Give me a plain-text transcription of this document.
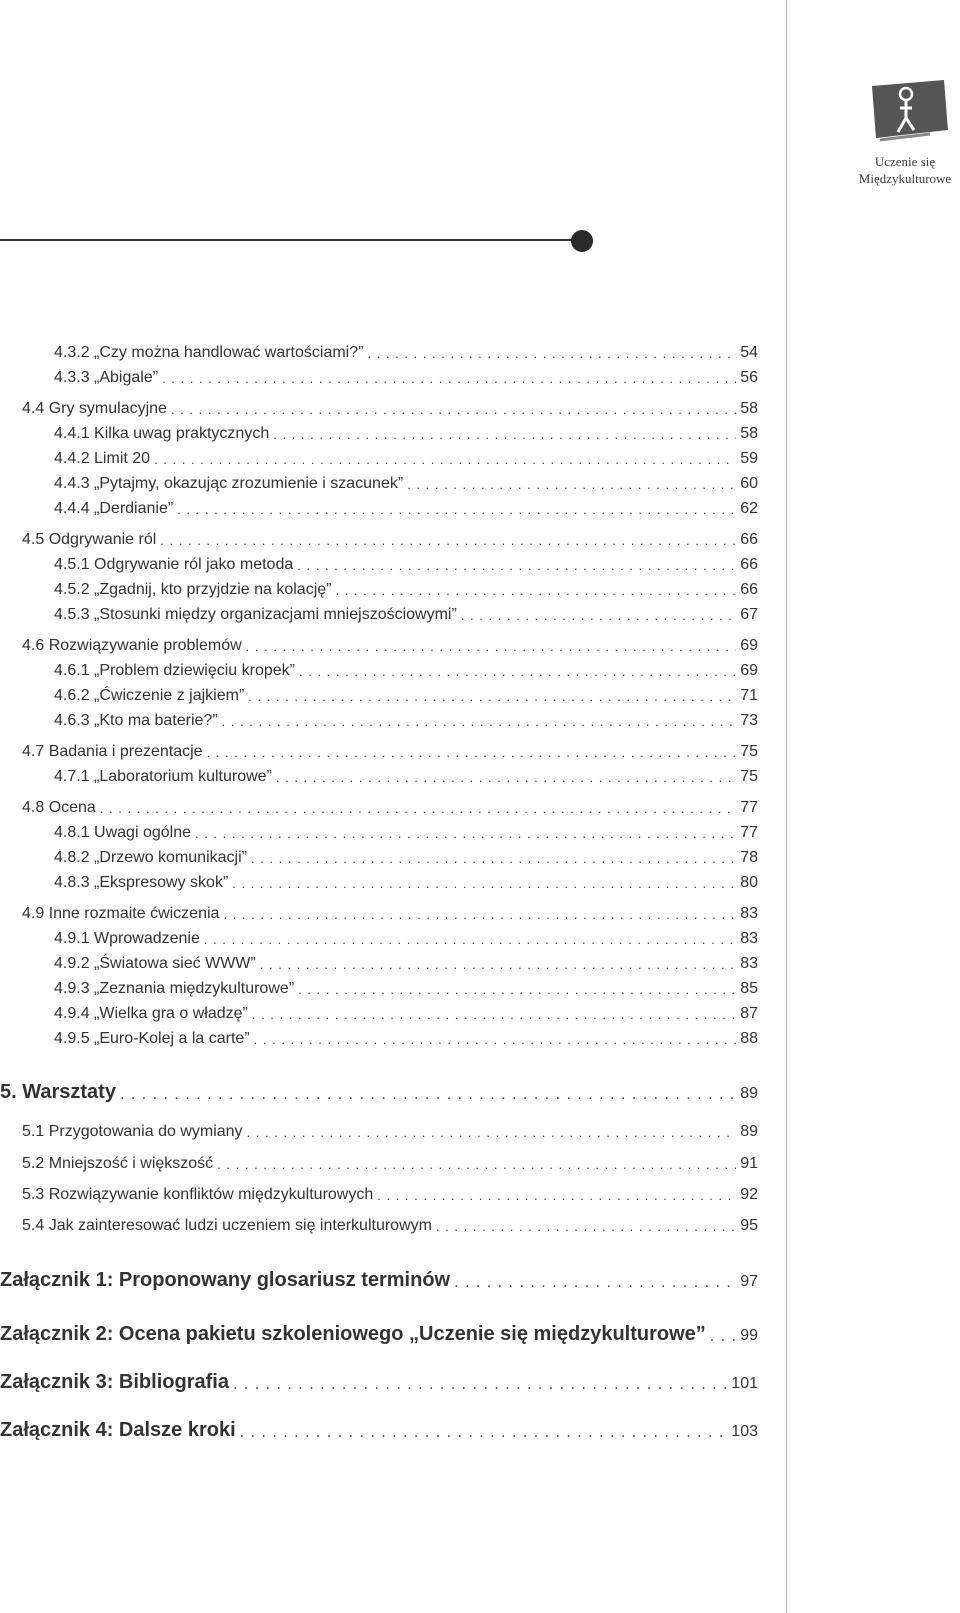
Uczenie się
Międzykulturowe
4.3.2 „Czy można handlować wartościami?” . . .	54
4.3.3 „Abigale” . . .	56
4.4 Gry symulacyjne . . .	58
4.4.1 Kilka uwag praktycznych . . .	58
4.4.2 Limit 20 . . .	59
4.4.3 „Pytajmy, okazując zrozumienie i szacunek” . . .	60
4.4.4 „Derdianie” . . .	62
4.5 Odgrywanie ról . . .	66
4.5.1 Odgrywanie ról jako metoda . . .	66
4.5.2 „Zgadnij, kto przyjdzie na kolację” . . .	66
4.5.3 „Stosunki między organizacjami mniejszościowymi” . . .	67
4.6 Rozwiązywanie problemów . . .	69
4.6.1 „Problem dziewięciu kropek” . . .	69
4.6.2 „Ćwiczenie z jajkiem” . . .	71
4.6.3 „Kto ma baterie?” . . .	73
4.7 Badania i prezentacje . . .	75
4.7.1 „Laboratorium kulturowe” . . .	75
4.8 Ocena . . .	77
4.8.1 Uwagi ogólne . . .	77
4.8.2 „Drzewo komunikacji” . . .	78
4.8.3 „Ekspresowy skok” . . .	80
4.9 Inne rozmaite ćwiczenia . . .	83
4.9.1 Wprowadzenie . . .	83
4.9.2 „Światowa sieć WWW” . . .	83
4.9.3 „Zeznania międzykulturowe” . . .	85
4.9.4 „Wielka gra o władzę” . . .	87
4.9.5 „Euro-Kolej a la carte” . . .	88
5. Warsztaty . . .	89
5.1 Przygotowania do wymiany . . .	89
5.2 Mniejszość i większość . . .	91
5.3 Rozwiązywanie konfliktów międzykulturowych . . .	92
5.4 Jak zainteresować ludzi uczeniem się interkulturowym . . .	95
Załącznik 1: Proponowany glosariusz terminów . . .	97
Załącznik 2: Ocena pakietu szkoleniowego „Uczenie się międzykulturowe” . . . 99
Załącznik 3: Bibliografia . . .	101
Załącznik 4: Dalsze kroki . . .	103
